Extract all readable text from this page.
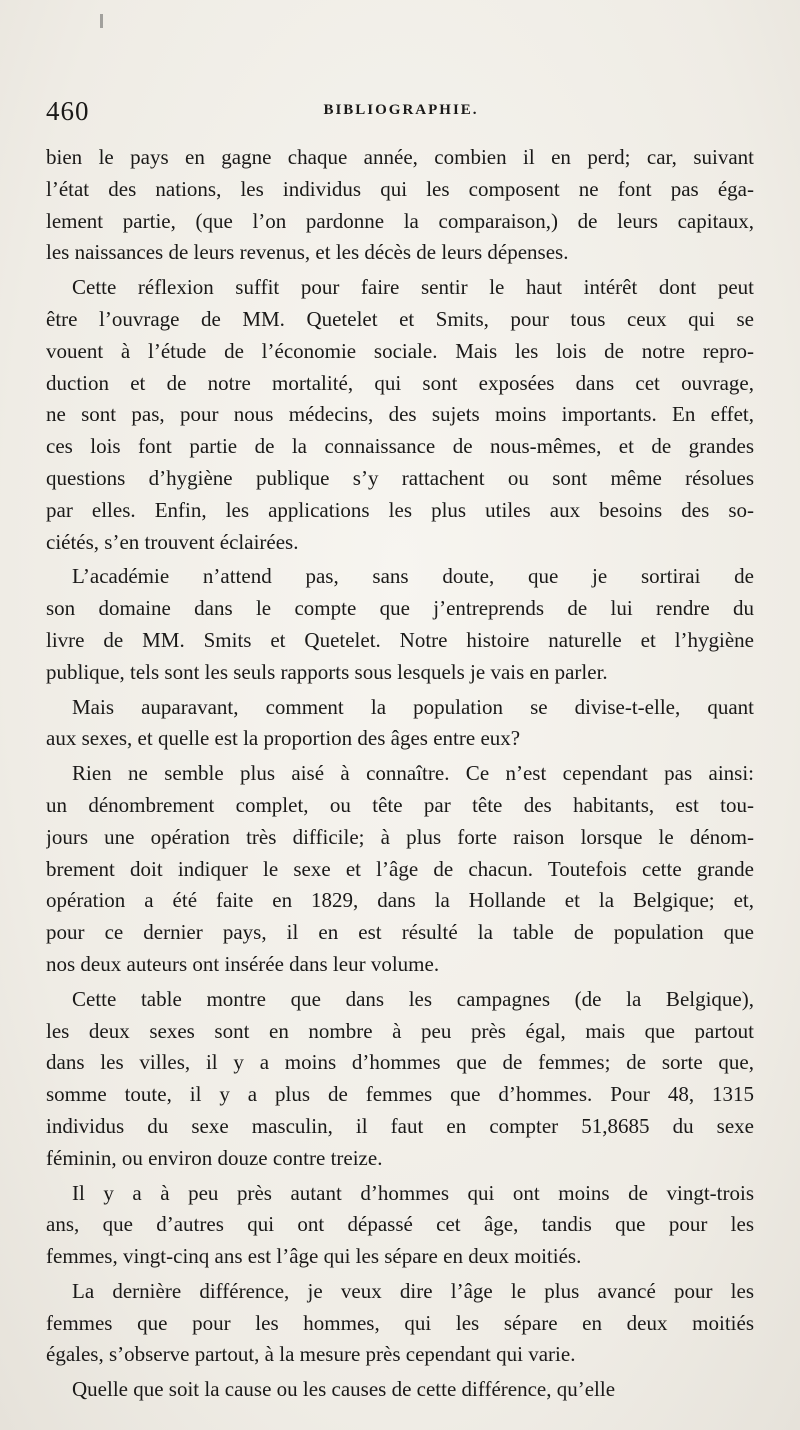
460	BIBLIOGRAPHIE.
bien le pays en gagne chaque année, combien il en perd; car, suivant
l’état des nations, les individus qui les composent ne font pas éga-
lement partie, (que l’on pardonne la comparaison,) de leurs capitaux,
les naissances de leurs revenus, et les décès de leurs dépenses.
Cette réflexion suffit pour faire sentir le haut intérêt dont peut
être l’ouvrage de MM. Quetelet et Smits, pour tous ceux qui se
vouent à l’étude de l’économie sociale. Mais les lois de notre repro-
duction et de notre mortalité, qui sont exposées dans cet ouvrage,
ne sont pas, pour nous médecins, des sujets moins importants. En effet,
ces lois font partie de la connaissance de nous-mêmes, et de grandes
questions d’hygiène publique s’y rattachent ou sont même résolues
par elles. Enfin, les applications les plus utiles aux besoins des so-
ciétés, s’en trouvent éclairées.
L’académie n’attend pas, sans doute, que je sortirai de
son domaine dans le compte que j’entreprends de lui rendre du
livre de MM. Smits et Quetelet. Notre histoire naturelle et l’hygiène
publique, tels sont les seuls rapports sous lesquels je vais en parler.
Mais auparavant, comment la population se divise-t-elle, quant
aux sexes, et quelle est la proportion des âges entre eux?
Rien ne semble plus aisé à connaître. Ce n’est cependant pas ainsi:
un dénombrement complet, ou tête par tête des habitants, est tou-
jours une opération très difficile; à plus forte raison lorsque le dénom-
brement doit indiquer le sexe et l’âge de chacun. Toutefois cette grande
opération a été faite en 1829, dans la Hollande et la Belgique; et,
pour ce dernier pays, il en est résulté la table de population que
nos deux auteurs ont insérée dans leur volume.
Cette table montre que dans les campagnes (de la Belgique),
les deux sexes sont en nombre à peu près égal, mais que partout
dans les villes, il y a moins d’hommes que de femmes; de sorte que,
somme toute, il y a plus de femmes que d’hommes. Pour 48, 1315
individus du sexe masculin, il faut en compter 51,8685 du sexe
féminin, ou environ douze contre treize.
Il y a à peu près autant d’hommes qui ont moins de vingt-trois
ans, que d’autres qui ont dépassé cet âge, tandis que pour les
femmes, vingt-cinq ans est l’âge qui les sépare en deux moitiés.
La dernière différence, je veux dire l’âge le plus avancé pour les
femmes que pour les hommes, qui les sépare en deux moitiés
égales, s’observe partout, à la mesure près cependant qui varie.
Quelle que soit la cause ou les causes de cette différence, qu’elle
